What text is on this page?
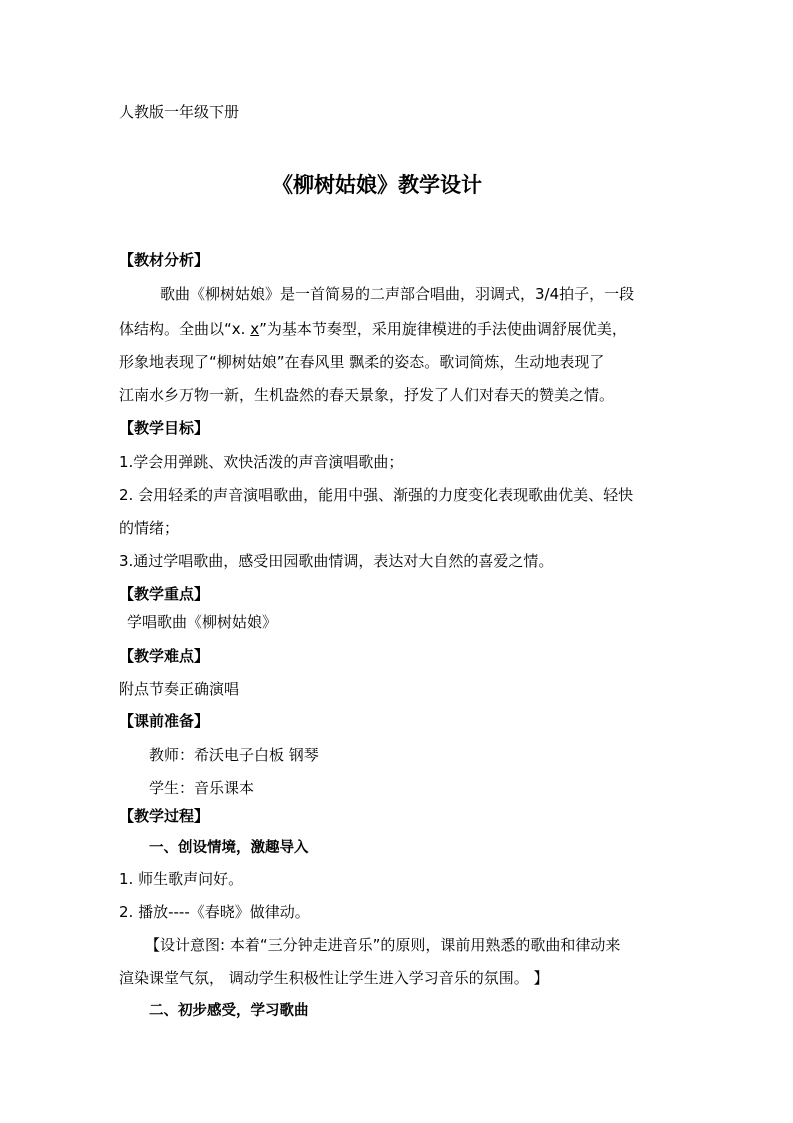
人教版一年级下册
《柳树姑娘》教学设计
【教材分析】
歌曲《柳树姑娘》是一首简易的二声部合唱曲，羽调式，3/4拍子，一段
体结构。全曲以“x. x”为基本节奏型，采用旋律模进的手法使曲调舒展优美，
形象地表现了“柳树姑娘”在春风里 飘柔的姿态。歌词简炼，生动地表现了
江南水乡万物一新，生机盎然的春天景象，抒发了人们对春天的赞美之情。
【教学目标】
1.学会用弹跳、欢快活泼的声音演唱歌曲；
2. 会用轻柔的声音演唱歌曲，能用中强、渐强的力度变化表现歌曲优美、轻快
的情绪；
3.通过学唱歌曲，感受田园歌曲情调，表达对大自然的喜爱之情。
【教学重点】
学唱歌曲《柳树姑娘》
【教学难点】
附点节奏正确演唱
【课前准备】
教师：希沃电子白板 钢琴
学生：音乐课本
【教学过程】
一、创设情境，激趣导入
1. 师生歌声问好。
2. 播放----《春晓》做律动。
【设计意图: 本着“三分钟走进音乐”的原则，课前用熟悉的歌曲和律动来
渲染课堂气氛， 调动学生积极性让学生进入学习音乐的氛围。 】
二、初步感受，学习歌曲
